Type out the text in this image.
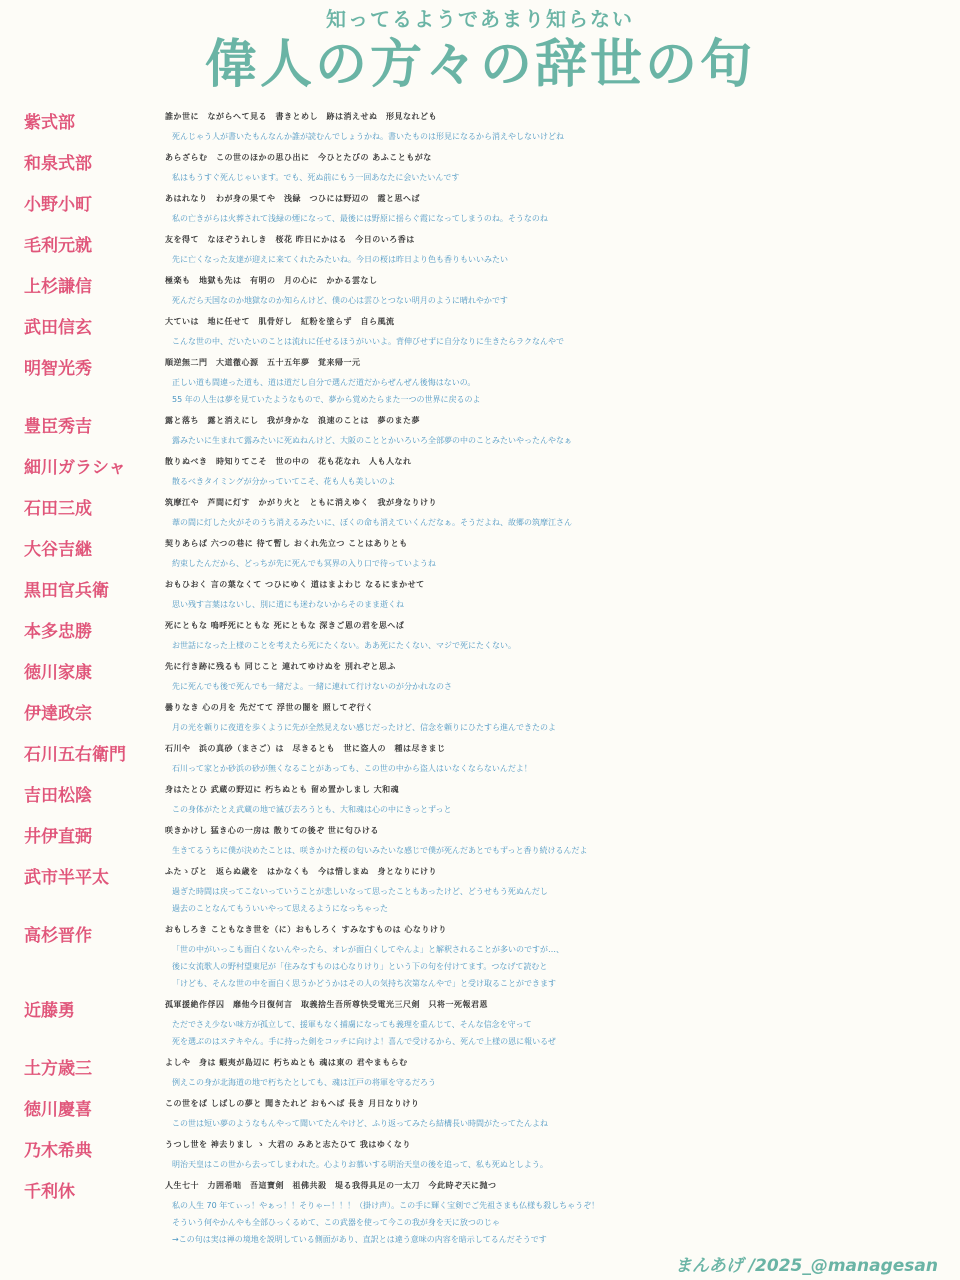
知ってるようであまり知らない
偉人の方々の辞世の句
紫式部	誰か世に　ながらへて見る　書きとめし　跡は消えせぬ　形見なれども
死んじゃう人が書いたもんなんか誰が読むんでしょうかね。書いたものは形見になるから消えやしないけどね
和泉式部	あらざらむ　この世のほかの思ひ出に　今ひとたびの あふこともがな
私はもうすぐ死んじゃいます。でも、死ぬ前にもう一回あなたに会いたいんです
小野小町	あはれなり　わが身の果てや　浅緑　つひには野辺の　霞と思へば
私の亡きがらは火葬されて浅緑の煙になって、最後には野原に揺らぐ霞になってしまうのね。そうなのね
毛利元就	友を得て　なほぞうれしき　桜花 昨日にかはる　今日のいろ香は
先に亡くなった友達が迎えに来てくれたみたいね。今日の桜は昨日より色も香りもいいみたい
上杉謙信	極楽も　地獄も先は　有明の　月の心に　かかる雲なし
死んだら天国なのか地獄なのか知らんけど、僕の心は雲ひとつない明月のように晴れやかです
武田信玄	大ていは　地に任せて　肌骨好し　紅粉を塗らず　自ら風流
こんな世の中、だいたいのことは流れに任せるほうがいいよ。背伸びせずに自分なりに生きたらラクなんやで
明智光秀	順逆無二門　大道徹心源　五十五年夢　覚来帰一元
正しい道も間違った道も、道は道だし自分で選んだ道だからぜんぜん後悔はないの。
55 年の人生は夢を見ていたようなもので、夢から覚めたらまた一つの世界に戻るのよ
豊臣秀吉	露と落ち　露と消えにし　我が身かな　浪速のことは　夢のまた夢
露みたいに生まれて露みたいに死ぬねんけど、大阪のこととかいろいろ全部夢の中のことみたいやったんやなぁ
細川ガラシャ	散りぬべき　時知りてこそ　世の中の　花も花なれ　人も人なれ
散るべきタイミングが分かっていてこそ、花も人も美しいのよ
石田三成	筑摩江や　芦間に灯す　かがり火と　ともに消えゆく　我が身なりけり
葦の間に灯した火がそのうち消えるみたいに、ぼくの命も消えていくんだなぁ。そうだよね、故郷の筑摩江さん
大谷吉継	契りあらば 六つの巷に 待て暫し おくれ先立つ ことはありとも
約束したんだから、どっちが先に死んでも冥界の入り口で待っていようね
黒田官兵衛	おもひおく 言の葉なくて つひにゆく 道はまよわじ なるにまかせて
思い残す言葉はないし、別に道にも迷わないからそのまま逝くね
本多忠勝	死にともな 嗚呼死にともな 死にともな 深きご恩の君を思へば
お世話になった上様のことを考えたら死にたくない。ああ死にたくない、マジで死にたくない。
徳川家康	先に行き跡に残るも 同じこと 連れてゆけぬを 別れぞと思ふ
先に死んでも後で死んでも一緒だよ。一緒に連れて行けないのが分かれなのさ
伊達政宗	曇りなき 心の月を 先だてて 浮世の闇を 照してぞ行く
月の光を頼りに夜道を歩くように先が全然見えない感じだったけど、信念を頼りにひたすら進んできたのよ
石川五右衛門	石川や　浜の真砂（まさご）は　尽きるとも　世に盗人の　種は尽きまじ
石川って家とか砂浜の砂が無くなることがあっても、この世の中から盗人はいなくならないんだよ！
吉田松陰	身はたとひ 武蔵の野辺に 朽ちぬとも 留め置かしまし 大和魂
この身体がたとえ武蔵の地で滅び去ろうとも、大和魂は心の中にきっとずっと
井伊直弼	咲きかけし 猛き心の一房は 散りての後ぞ 世に匂ひける
生きてるうちに僕が決めたことは、咲きかけた桜の匂いみたいな感じで僕が死んだあとでもずっと香り続けるんだよ
武市半平太	ふたゝびと　返らぬ歳を　はかなくも　今は惜しまぬ　身となりにけり
過ぎた時間は戻ってこないっていうことが悲しいなって思ったこともあったけど、どうせもう死ぬんだし
過去のことなんてもういいやって思えるようになっちゃった
高杉晋作	おもしろき こともなき世を（に）おもしろく すみなすものは 心なりけり
「世の中がいっこも面白くないんやったら、オレが面白くしてやんよ」と解釈されることが多いのですが…、
後に女流歌人の野村望東尼が「住みなすものは心なりけり」という下の句を付けてます。つなげて読むと
「けども、そんな世の中を面白く思うかどうかはその人の気持ち次第なんやで」と受け取ることができます
近藤勇	孤軍援絶作俘囚　靡他今日復何言　取義捨生吾所尊快受電光三尺剣　只将一死報君恩
ただでさえ少ない味方が孤立して、援軍もなく捕虜になっても義理を重んじて、そんな信念を守って
死を選ぶのはステキやん。手に持った剣をコッチに向けよ！喜んで受けるから、死んで上様の恩に報いるぜ
土方歳三	よしや　身は 蝦夷が島辺に 朽ちぬとも 魂は東の 君やまもらむ
例えこの身が北海道の地で朽ちたとしても、魂は江戸の将軍を守るだろう
徳川慶喜	この世をば しばしの夢と 聞きたれど おもへば 長き 月日なりけり
この世は短い夢のようなもんやって聞いてたんやけど、ふり返ってみたら結構長い時間がたってたんよね
乃木希典	うつし世を 神去りまし ゝ 大君の みあと志たひて 我はゆくなり
明治天皇はこの世から去ってしまわれた。心よりお慕いする明治天皇の後を追って、私も死ぬとしよう。
千利休	人生七十　力囲希咄　吾這寶剣　祖佛共殺　堤る我得具足の一太刀　今此時ぞ天に抛つ
私の人生 70 年てぃっ！やぁっ！！そりゃー！！！（掛け声）。この手に輝く宝剣でご先祖さまも仏様も殺しちゃうぞ！
そういう何やかんやも全部ひっくるめて、この武器を使って今この我が身を天に放つのじゃ
→この句は実は禅の境地を説明している側面があり、直訳とは違う意味の内容を暗示してるんだそうです
まんあげ /2025_@managesan
